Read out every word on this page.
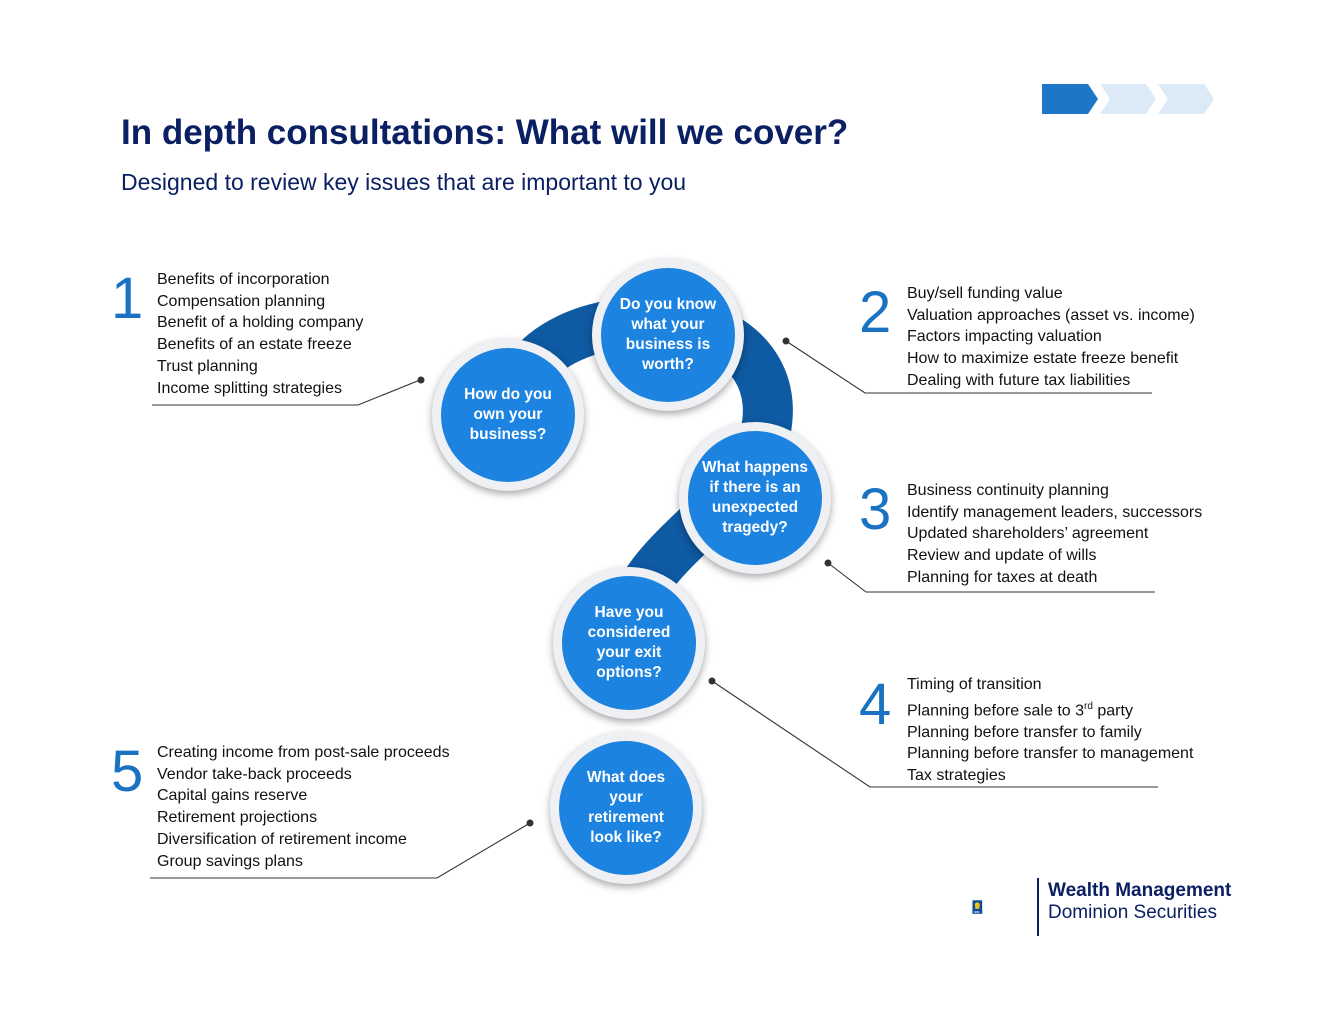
In depth consultations: What will we cover?

Designed to review key issues that are important to you

How do you own your business?
Do you know what your business is worth?
What happens if there is an unexpected tragedy?
Have you considered your exit options?
What does your retirement look like?
1 Benefits of incorporation
Compensation planning
Benefit of a holding company
Benefits of an estate freeze
Trust planning
Income splitting strategies
2 Buy/sell funding value
Valuation approaches (asset vs. income)
Factors impacting valuation
How to maximize estate freeze benefit
Dealing with future tax liabilities
3 Business continuity planning
Identify management leaders, successors
Updated shareholders’ agreement
Review and update of wills
Planning for taxes at death
4 Timing of transition
Planning before sale to 3rd party
Planning before transfer to family
Planning before transfer to management
Tax strategies
5 Creating income from post-sale proceeds
Vendor take-back proceeds
Capital gains reserve
Retirement projections
Diversification of retirement income
Group savings plans
RBC
Wealth Management
Dominion Securities
